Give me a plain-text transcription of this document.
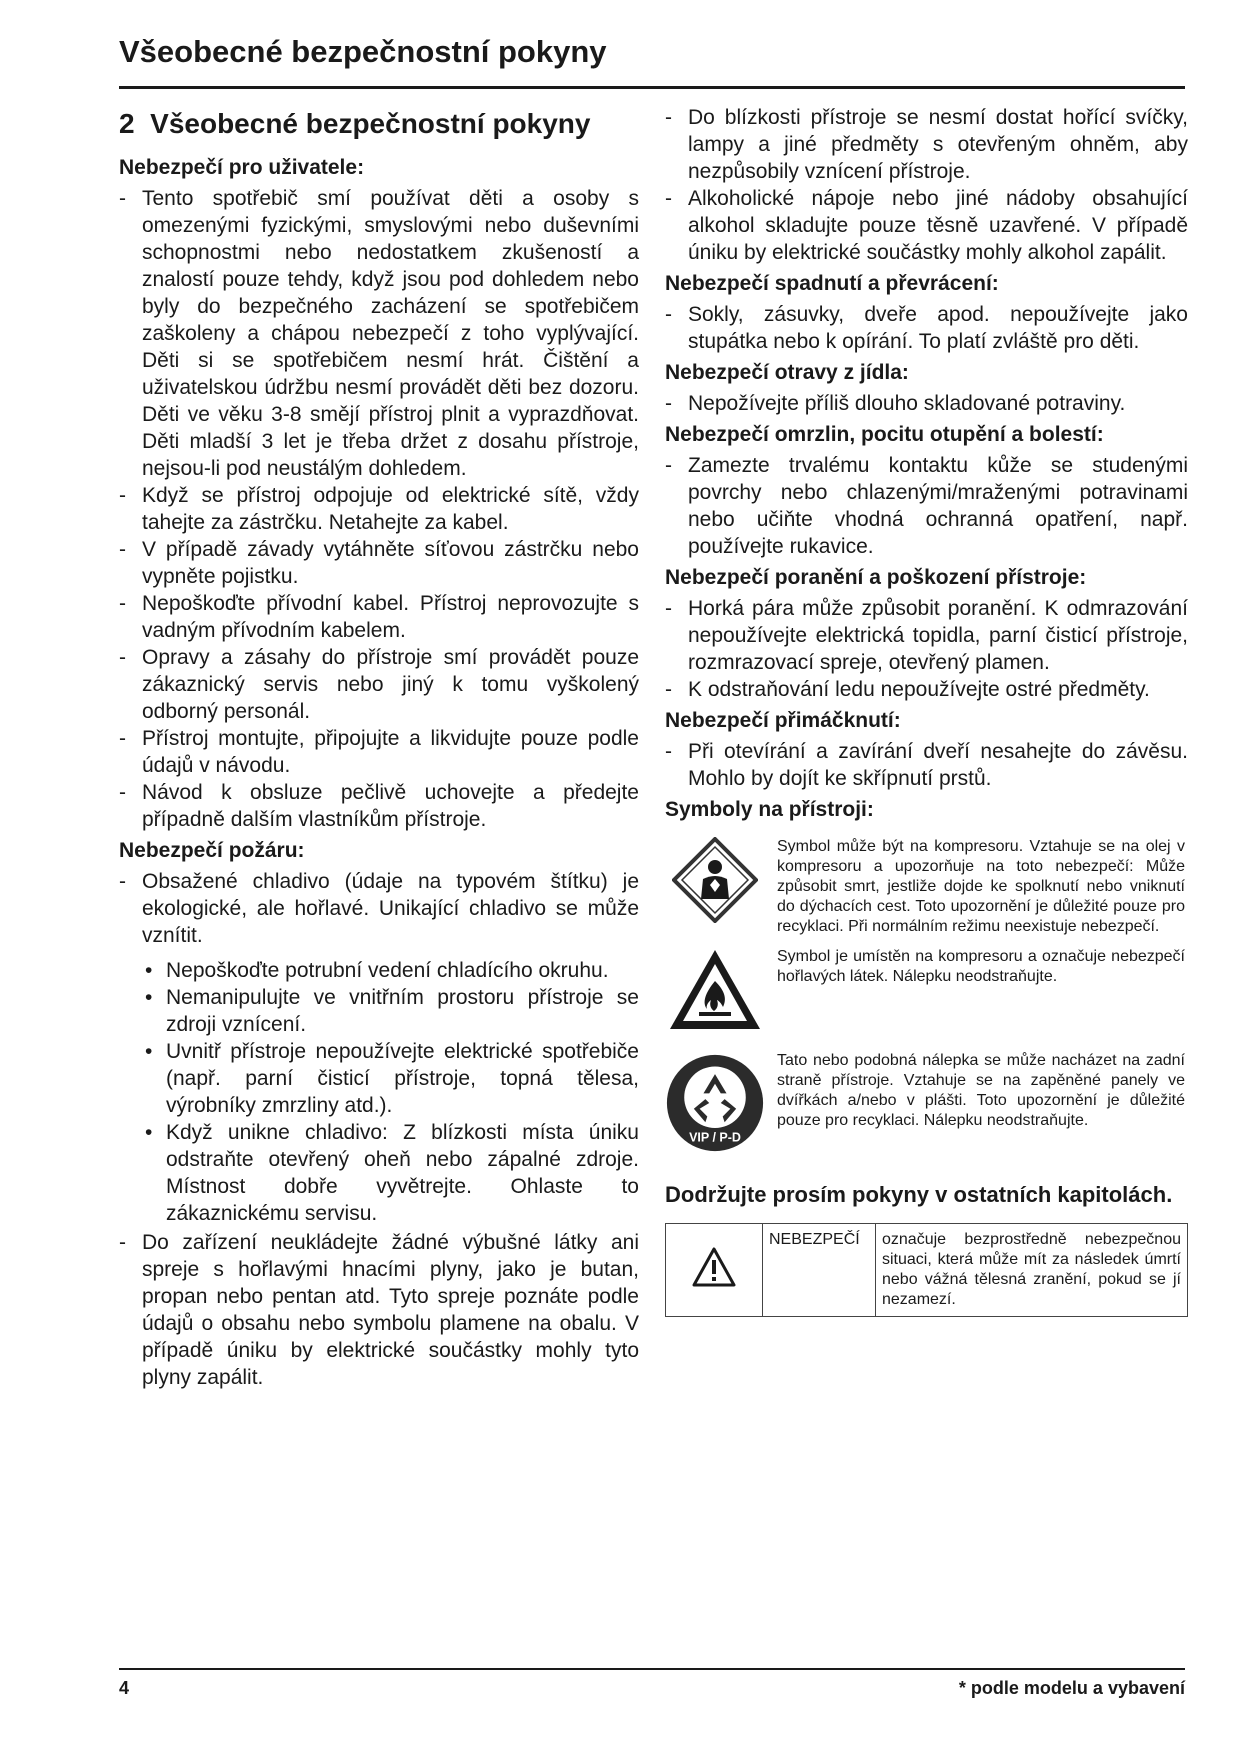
Všeobecné bezpečnostní pokyny
2 Všeobecné bezpečnostní pokyny
Nebezpečí pro uživatele:
- Tento spotřebič smí používat děti a osoby s omezenými fyzickými, smyslovými nebo duševními schopnostmi nebo nedostatkem zkušeností a znalostí pouze tehdy, když jsou pod dohledem nebo byly do bezpečného zacházení se spotřebičem zaškoleny a chápou nebezpečí z toho vyplývající. Děti si se spotřebičem nesmí hrát. Čištění a uživatelskou údržbu nesmí provádět děti bez dozoru. Děti ve věku 3-8 smějí přístroj plnit a vyprazdňovat. Děti mladší 3 let je třeba držet z dosahu přístroje, nejsou-li pod neustálým dohledem.
- Když se přístroj odpojuje od elektrické sítě, vždy tahejte za zástrčku. Netahejte za kabel.
- V případě závady vytáhněte síťovou zástrčku nebo vypněte pojistku.
- Nepoškoďte přívodní kabel. Přístroj neprovozujte s vadným přívodním kabelem.
- Opravy a zásahy do přístroje smí provádět pouze zákaznický servis nebo jiný k tomu vyškolený odborný personál.
- Přístroj montujte, připojujte a likvidujte pouze podle údajů v návodu.
- Návod k obsluze pečlivě uchovejte a předejte případně dalším vlastníkům přístroje.
Nebezpečí požáru:
- Obsažené chladivo (údaje na typovém štítku) je ekologické, ale hořlavé. Unikající chladivo se může vznítit.
• Nepoškoďte potrubní vedení chladícího okruhu.
• Nemanipulujte ve vnitřním prostoru přístroje se zdroji vznícení.
• Uvnitř přístroje nepoužívejte elektrické spotřebiče (např. parní čisticí přístroje, topná tělesa, výrobníky zmrzliny atd.).
• Když unikne chladivo: Z blízkosti místa úniku odstraňte otevřený oheň nebo zápalné zdroje. Místnost dobře vyvětrejte. Ohlaste to zákaznickému servisu.
- Do zařízení neukládejte žádné výbušné látky ani spreje s hořlavými hnacími plyny, jako je butan, propan nebo pentan atd. Tyto spreje poznáte podle údajů o obsahu nebo symbolu plamene na obalu. V případě úniku by elektrické součástky mohly tyto plyny zapálit.
- Do blízkosti přístroje se nesmí dostat hořící svíčky, lampy a jiné předměty s otevřeným ohněm, aby nezpůsobily vznícení přístroje.
- Alkoholické nápoje nebo jiné nádoby obsahující alkohol skladujte pouze těsně uzavřené. V případě úniku by elektrické součástky mohly alkohol zapálit.
Nebezpečí spadnutí a převrácení:
- Sokly, zásuvky, dveře apod. nepoužívejte jako stupátka nebo k opírání. To platí zvláště pro děti.
Nebezpečí otravy z jídla:
- Nepožívejte příliš dlouho skladované potraviny.
Nebezpečí omrzlin, pocitu otupění a bolestí:
- Zamezte trvalému kontaktu kůže se studenými povrchy nebo chlazenými/mraženými potravinami nebo učiňte vhodná ochranná opatření, např. používejte rukavice.
Nebezpečí poranění a poškození přístroje:
- Horká pára může způsobit poranění. K odmrazování nepoužívejte elektrická topidla, parní čisticí přístroje, rozmrazovací spreje, otevřený plamen.
- K odstraňování ledu nepoužívejte ostré předměty.
Nebezpečí přimáčknutí:
- Při otevírání a zavírání dveří nesahejte do závěsu. Mohlo by dojít ke skřípnutí prstů.
Symboly na přístroji:
Symbol může být na kompresoru. Vztahuje se na olej v kompresoru a upozorňuje na toto nebezpečí: Může způsobit smrt, jestliže dojde ke spolknutí nebo vniknutí do dýchacích cest. Toto upozornění je důležité pouze pro recyklaci. Při normálním režimu neexistuje nebezpečí.
Symbol je umístěn na kompresoru a označuje nebezpečí hořlavých látek. Nálepku neodstraňujte.
VIP / P-D
Tato nebo podobná nálepka se může nacházet na zadní straně přístroje. Vztahuje se na zapěněné panely ve dvířkách a/nebo v plášti. Toto upozornění je důležité pouze pro recyklaci. Nálepku neodstraňujte.
Dodržujte prosím pokyny v ostatních kapitolách.
	NEBEZPEČÍ	označuje bezprostředně nebezpečnou situaci, která může mít za následek úmrtí nebo vážná tělesná zranění, pokud se jí nezamezí.
4	* podle modelu a vybavení
